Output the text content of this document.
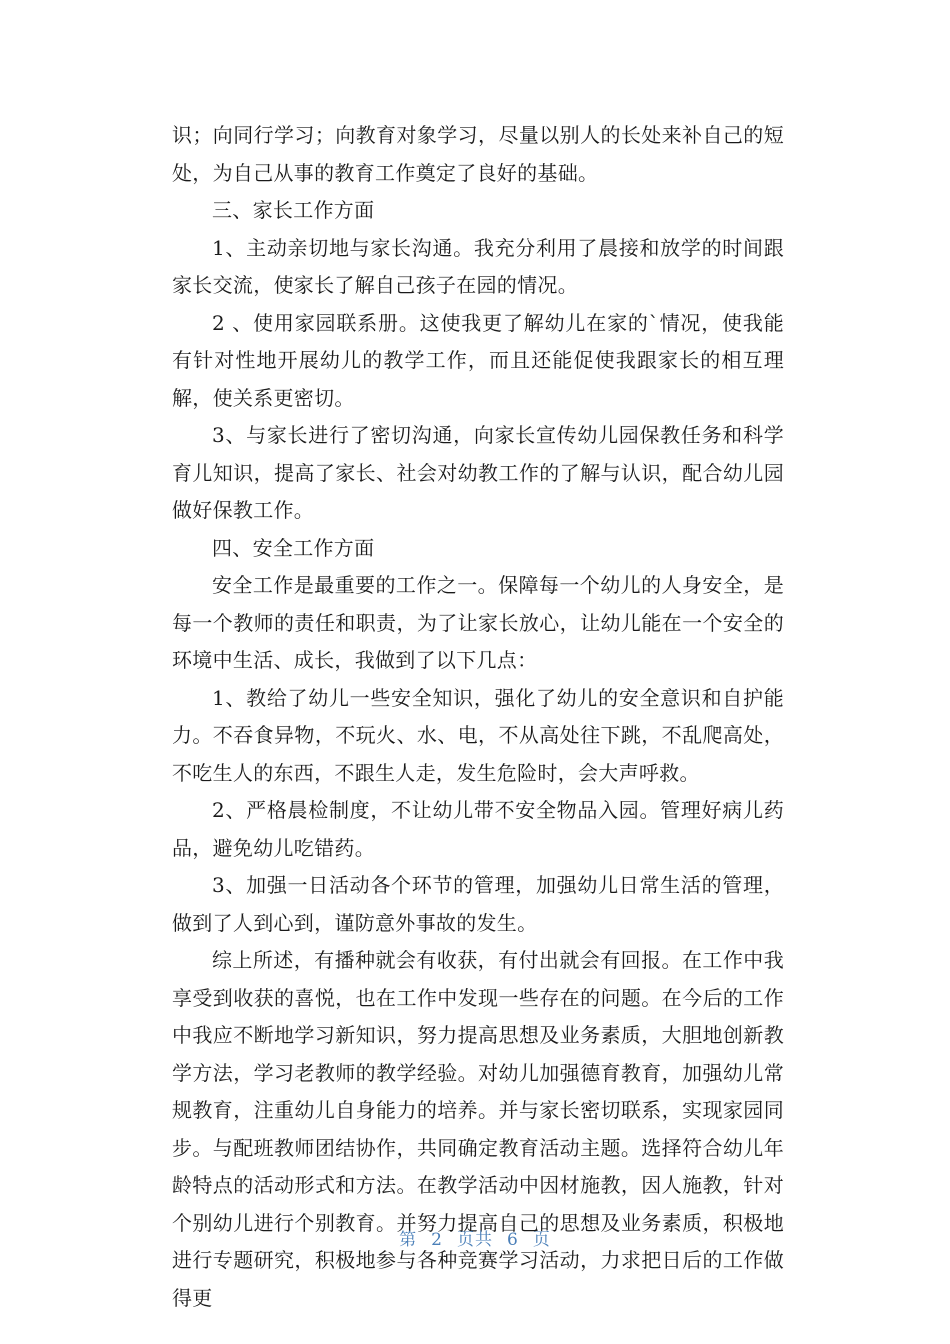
识；向同行学习；向教育对象学习，尽量以别人的长处来补自己的短处，为自己从事的教育工作奠定了良好的基础。

三、家长工作方面

1、主动亲切地与家长沟通。我充分利用了晨接和放学的时间跟家长交流，使家长了解自己孩子在园的情况。

2 、使用家园联系册。这使我更了解幼儿在家的`情况，使我能有针对性地开展幼儿的教学工作，而且还能促使我跟家长的相互理解，使关系更密切。

3、与家长进行了密切沟通，向家长宣传幼儿园保教任务和科学育儿知识，提高了家长、社会对幼教工作的了解与认识，配合幼儿园做好保教工作。

四、安全工作方面

安全工作是最重要的工作之一。保障每一个幼儿的人身安全，是每一个教师的责任和职责，为了让家长放心，让幼儿能在一个安全的环境中生活、成长，我做到了以下几点：

1、教给了幼儿一些安全知识，强化了幼儿的安全意识和自护能力。不吞食异物，不玩火、水、电，不从高处往下跳，不乱爬高处，不吃生人的东西，不跟生人走，发生危险时，会大声呼救。

2、严格晨检制度，不让幼儿带不安全物品入园。管理好病儿药品，避免幼儿吃错药。

3、加强一日活动各个环节的管理，加强幼儿日常生活的管理，做到了人到心到，谨防意外事故的发生。

综上所述，有播种就会有收获，有付出就会有回报。在工作中我享受到收获的喜悦，也在工作中发现一些存在的问题。在今后的工作中我应不断地学习新知识，努力提高思想及业务素质，大胆地创新教学方法，学习老教师的教学经验。对幼儿加强德育教育，加强幼儿常规教育，注重幼儿自身能力的培养。并与家长密切联系，实现家园同步。与配班教师团结协作，共同确定教育活动主题。选择符合幼儿年龄特点的活动形式和方法。在教学活动中因材施教，因人施教，针对个别幼儿进行个别教育。并努力提高自己的思想及业务素质，积极地进行专题研究，积极地参与各种竞赛学习活动，力求把日后的工作做得更

第 2 页共 6 页
